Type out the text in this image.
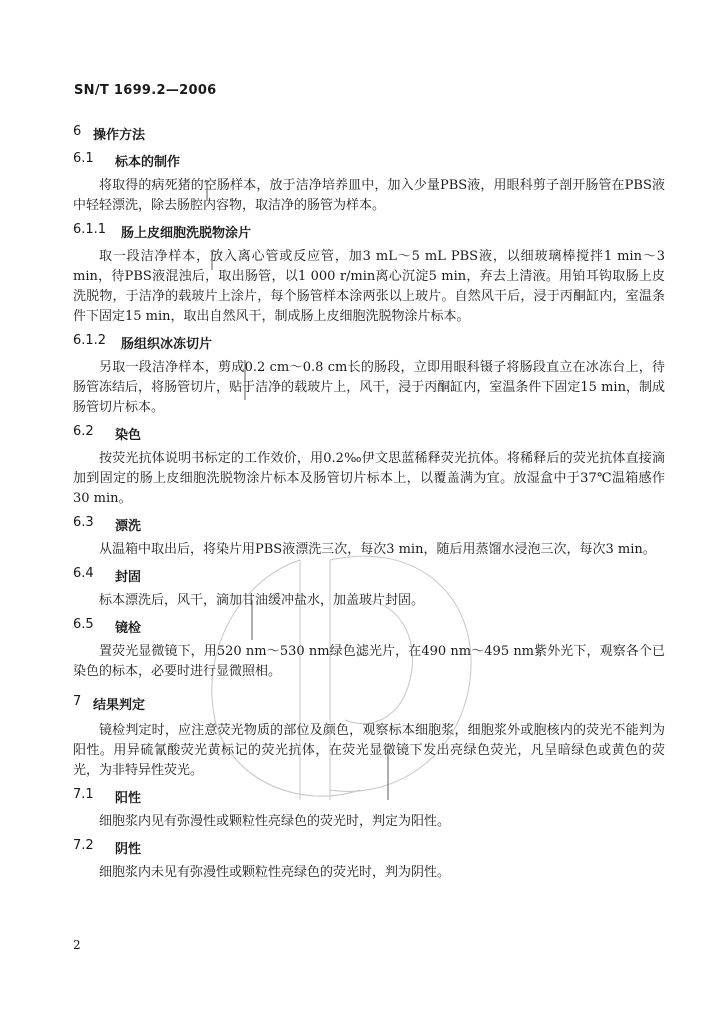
SN/T 1699.2—2006
6 操作方法
6.1	标本的制作

将取得的病死猪的空肠样本，放于洁净培养皿中，加入少量PBS液，用眼科剪子剖开肠管在PBS液中轻轻漂洗，除去肠腔内容物，取洁净的肠管为样本。

6.1.1	肠上皮细胞洗脱物涂片

取一段洁净样本，放入离心管或反应管，加3 mL～5 mL PBS液，以细玻璃棒搅拌1 min～3 min，待PBS液混浊后，取出肠管，以1 000 r/min离心沉淀5 min，弃去上清液。用铂耳钩取肠上皮洗脱物，于洁净的载玻片上涂片，每个肠管样本涂两张以上玻片。自然风干后，浸于丙酮缸内，室温条件下固定15 min，取出自然风干，制成肠上皮细胞洗脱物涂片标本。

6.1.2	肠组织冰冻切片

另取一段洁净样本，剪成0.2 cm～0.8 cm长的肠段，立即用眼科镊子将肠段直立在冰冻台上，待肠管冻结后，将肠管切片，贴于洁净的载玻片上，风干，浸于丙酮缸内，室温条件下固定15 min，制成肠管切片标本。

6.2	染色

按荧光抗体说明书标定的工作效价，用0.2‰伊文思蓝稀释荧光抗体。将稀释后的荧光抗体直接滴加到固定的肠上皮细胞洗脱物涂片标本及肠管切片标本上，以覆盖满为宜。放湿盒中于37℃温箱感作30 min。

6.3	漂洗

从温箱中取出后，将染片用PBS液漂洗三次，每次3 min，随后用蒸馏水浸泡三次，每次3 min。

6.4	封固

标本漂洗后，风干，滴加甘油缓冲盐水，加盖玻片封固。

6.5	镜检

置荧光显微镜下，用520 nm～530 nm绿色滤光片，在490 nm～495 nm紫外光下，观察各个已染色的标本，必要时进行显微照相。

7 结果判定

镜检判定时，应注意荧光物质的部位及颜色，观察标本细胞浆，细胞浆外或胞核内的荧光不能判为阳性。用异硫氰酸荧光黄标记的荧光抗体，在荧光显微镜下发出亮绿色荧光，凡呈暗绿色或黄色的荧光，为非特异性荧光。

7.1	阳性

细胞浆内见有弥漫性或颗粒性亮绿色的荧光时，判定为阳性。

7.2	阴性

细胞浆内未见有弥漫性或颗粒性亮绿色的荧光时，判为阴性。

2
